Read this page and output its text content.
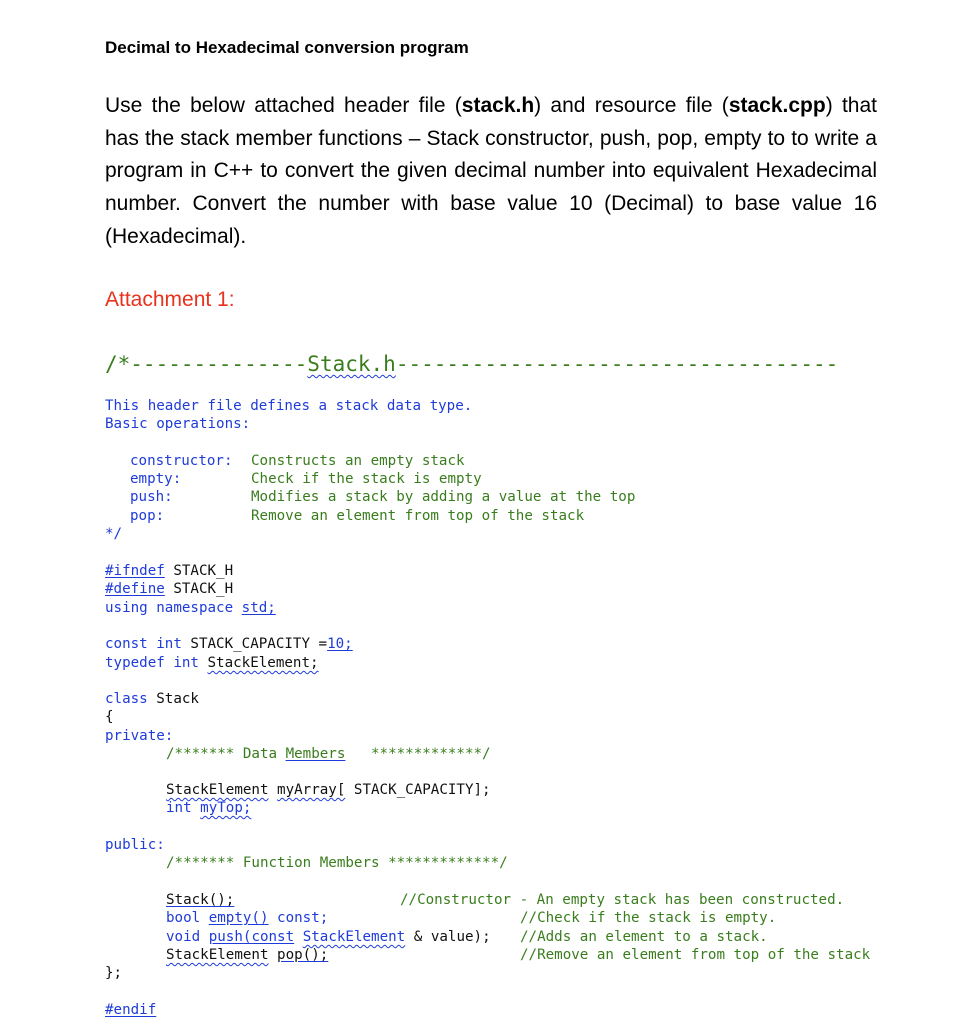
Decimal to Hexadecimal conversion program
Use the below attached header file (stack.h) and resource file (stack.cpp) that has the stack member functions – Stack constructor, push, pop, empty to to write a program in C++ to convert the given decimal number into equivalent Hexadecimal number. Convert the number with base value 10 (Decimal) to base value 16 (Hexadecimal).
Attachment 1:
/*--------------Stack.h-----------------------------------

This header file defines a stack data type.

Basic operations:

constructor:

Constructs an empty stack

empty:

	Check if the stack is empty

push:

	Modifies a stack by adding a value at the top

pop:

	Remove an element from top of the stack

*/

#ifndef STACK_H

#define STACK_H

using namespace std;

const int STACK_CAPACITY =10;

typedef int StackElement;

class Stack

{

private:

/******* Data Members   *************/

StackElement myArray[ STACK_CAPACITY];

int myTop;

public:

/******* Function Members *************/

Stack();

	//Constructor - An empty stack has been constructed.

bool empty() const;

	//Check if the stack is empty.

void push(const StackElement & value);

//Adds an element to a stack.

StackElement pop();

	//Remove an element from top of the stack

};

#endif
